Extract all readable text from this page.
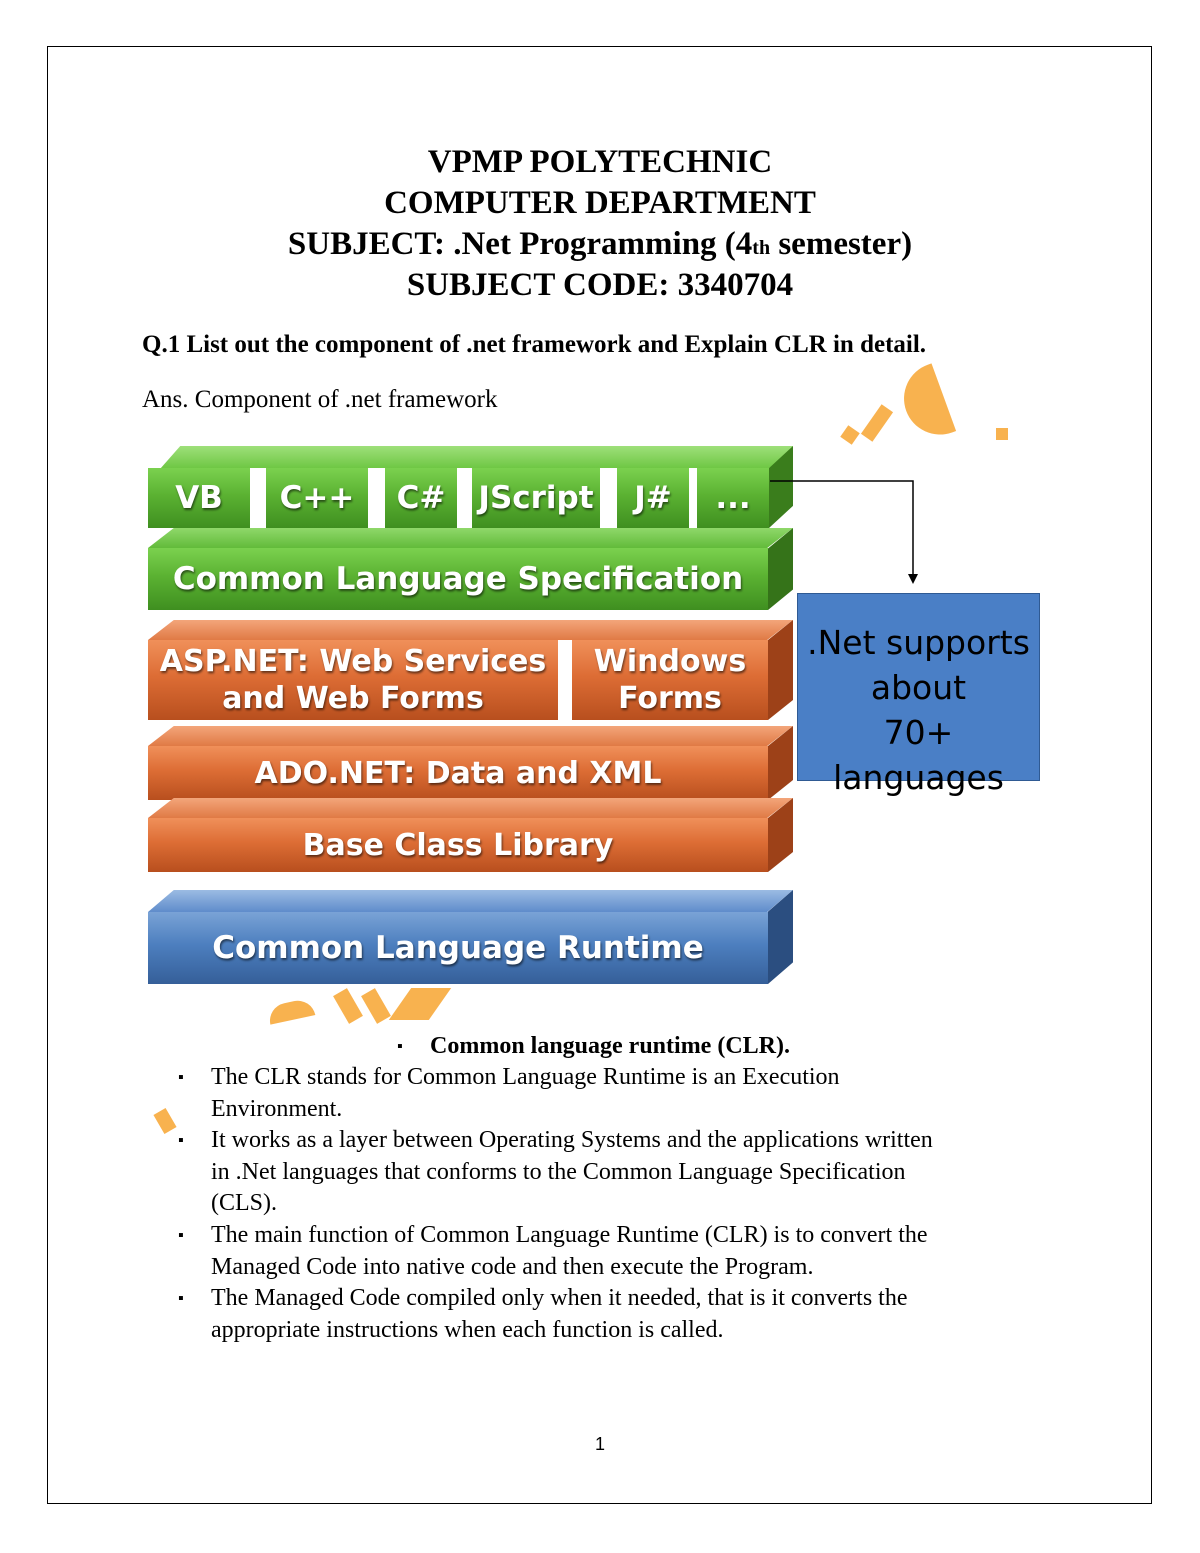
VPMP POLYTECHNIC
COMPUTER DEPARTMENT
SUBJECT: .Net Programming (4th semester)
SUBJECT CODE: 3340704
Q.1 List out the component of .net framework and Explain CLR in detail.
Ans. Component of .net framework
VB	C++	C#	JScript	J#	...
Common Language Specification
ASP.NET: Web Services
and Web Forms
Windows
Forms
ADO.NET: Data and XML
Base Class Library
Common Language Runtime
.Net supports
about
70+ languages
▪ Common language runtime (CLR).
▪ The CLR stands for Common Language Runtime is an Execution
Environment.
▪ It works as a layer between Operating Systems and the applications written
in .Net languages that conforms to the Common Language Specification
(CLS).
▪ The main function of Common Language Runtime (CLR) is to convert the
Managed Code into native code and then execute the Program.
▪ The Managed Code compiled only when it needed, that is it converts the
appropriate instructions when each function is called.
1
